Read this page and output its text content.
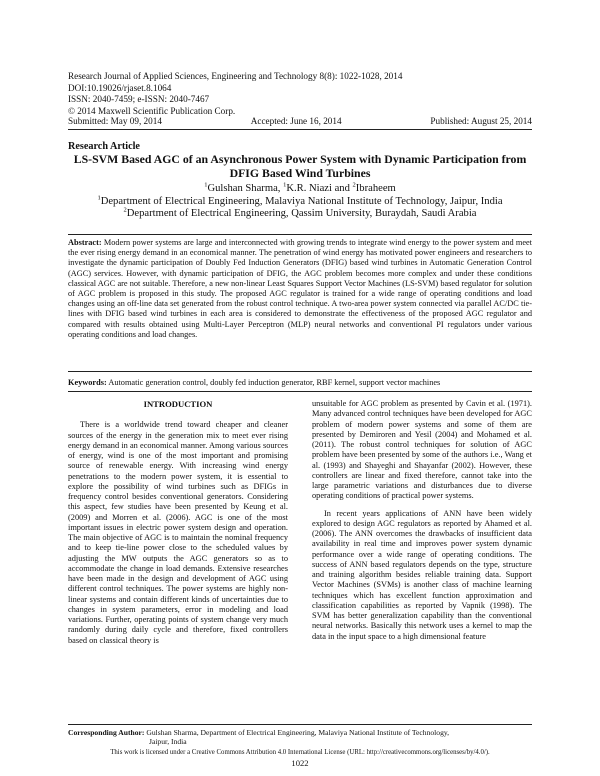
Research Journal of Applied Sciences, Engineering and Technology 8(8): 1022-1028, 2014
DOI:10.19026/rjaset.8.1064
ISSN: 2040-7459; e-ISSN: 2040-7467
© 2014 Maxwell Scientific Publication Corp.
Submitted: May 09, 2014	Accepted: June 16, 2014	Published: August 25, 2014
Research Article
LS-SVM Based AGC of an Asynchronous Power System with Dynamic Participation from
DFIG Based Wind Turbines
$^1$Gulshan Sharma, $^1$K.R. Niazi and $^2$Ibraheem
$^1$Department of Electrical Engineering, Malaviya National Institute of Technology, Jaipur, India
$^2$Department of Electrical Engineering, Qassim University, Buraydah, Saudi Arabia
Abstract: Modern power systems are large and interconnected with growing trends to integrate wind energy to the power system and meet the ever rising energy demand in an economical manner. The penetration of wind energy has motivated power engineers and researchers to investigate the dynamic participation of Doubly Fed Induction Generators (DFIG) based wind turbines in Automatic Generation Control (AGC) services. However, with dynamic participation of DFIG, the AGC problem becomes more complex and under these conditions classical AGC are not suitable. Therefore, a new non-linear Least Squares Support Vector Machines (LS-SVM) based regulator for solution of AGC problem is proposed in this study. The proposed AGC regulator is trained for a wide range of operating conditions and load changes using an off-line data set generated from the robust control technique. A two-area power system connected via parallel AC/DC tie-lines with DFIG based wind turbines in each area is considered to demonstrate the effectiveness of the proposed AGC regulator and compared with results obtained using Multi-Layer Perceptron (MLP) neural networks and conventional PI regulators under various operating conditions and load changes.
Keywords: Automatic generation control, doubly fed induction generator, RBF kernel, support vector machines

INTRODUCTION

There is a worldwide trend toward cheaper and cleaner sources of the energy in the generation mix to meet ever rising energy demand in an economical manner. Among various sources of energy, wind is one of the most important and promising source of renewable energy. With increasing wind energy penetrations to the modern power system, it is essential to explore the possibility of wind turbines such as DFIGs in frequency control besides conventional generators. Considering this aspect, few studies have been presented by Keung et al. (2009) and Morren et al. (2006). AGC is one of the most important issues in electric power system design and operation. The main objective of AGC is to maintain the nominal frequency and to keep tie-line power close to the scheduled values by adjusting the MW outputs the AGC generators so as to accommodate the change in load demands. Extensive researches have been made in the design and development of AGC using different control techniques. The power systems are highly non-linear systems and contain different kinds of uncertainties due to changes in system parameters, error in modeling and load variations. Further, operating points of system change very much randomly during daily cycle and therefore, fixed controllers based on classical theory is

unsuitable for AGC problem as presented by Cavin et al. (1971). Many advanced control techniques have been developed for AGC problem of modern power systems and some of them are presented by Demiroren and Yesil (2004) and Mohamed et al. (2011). The robust control techniques for solution of AGC problem have been presented by some of the authors i.e., Wang et al. (1993) and Shayeghi and Shayanfar (2002). However, these controllers are linear and fixed therefore, cannot take into the large parametric variations and disturbances due to diverse operating conditions of practical power systems.

In recent years applications of ANN have been widely explored to design AGC regulators as reported by Ahamed et al. (2006). The ANN overcomes the drawbacks of insufficient data availability in real time and improves power system dynamic performance over a wide range of operating conditions. The success of ANN based regulators depends on the type, structure and training algorithm besides reliable training data. Support Vector Machines (SVMs) is another class of machine learning techniques which has excellent function approximation and classification capabilities as reported by Vapnik (1998). The SVM has better generalization capability than the conventional neural networks. Basically this network uses a kernel to map the data in the input space to a high dimensional feature

Corresponding Author: Gulshan Sharma, Department of Electrical Engineering, Malaviya National Institute of Technology,
Jaipur, India
This work is licensed under a Creative Commons Attribution 4.0 International License (URL: http://creativecommons.org/licenses/by/4.0/).
1022
